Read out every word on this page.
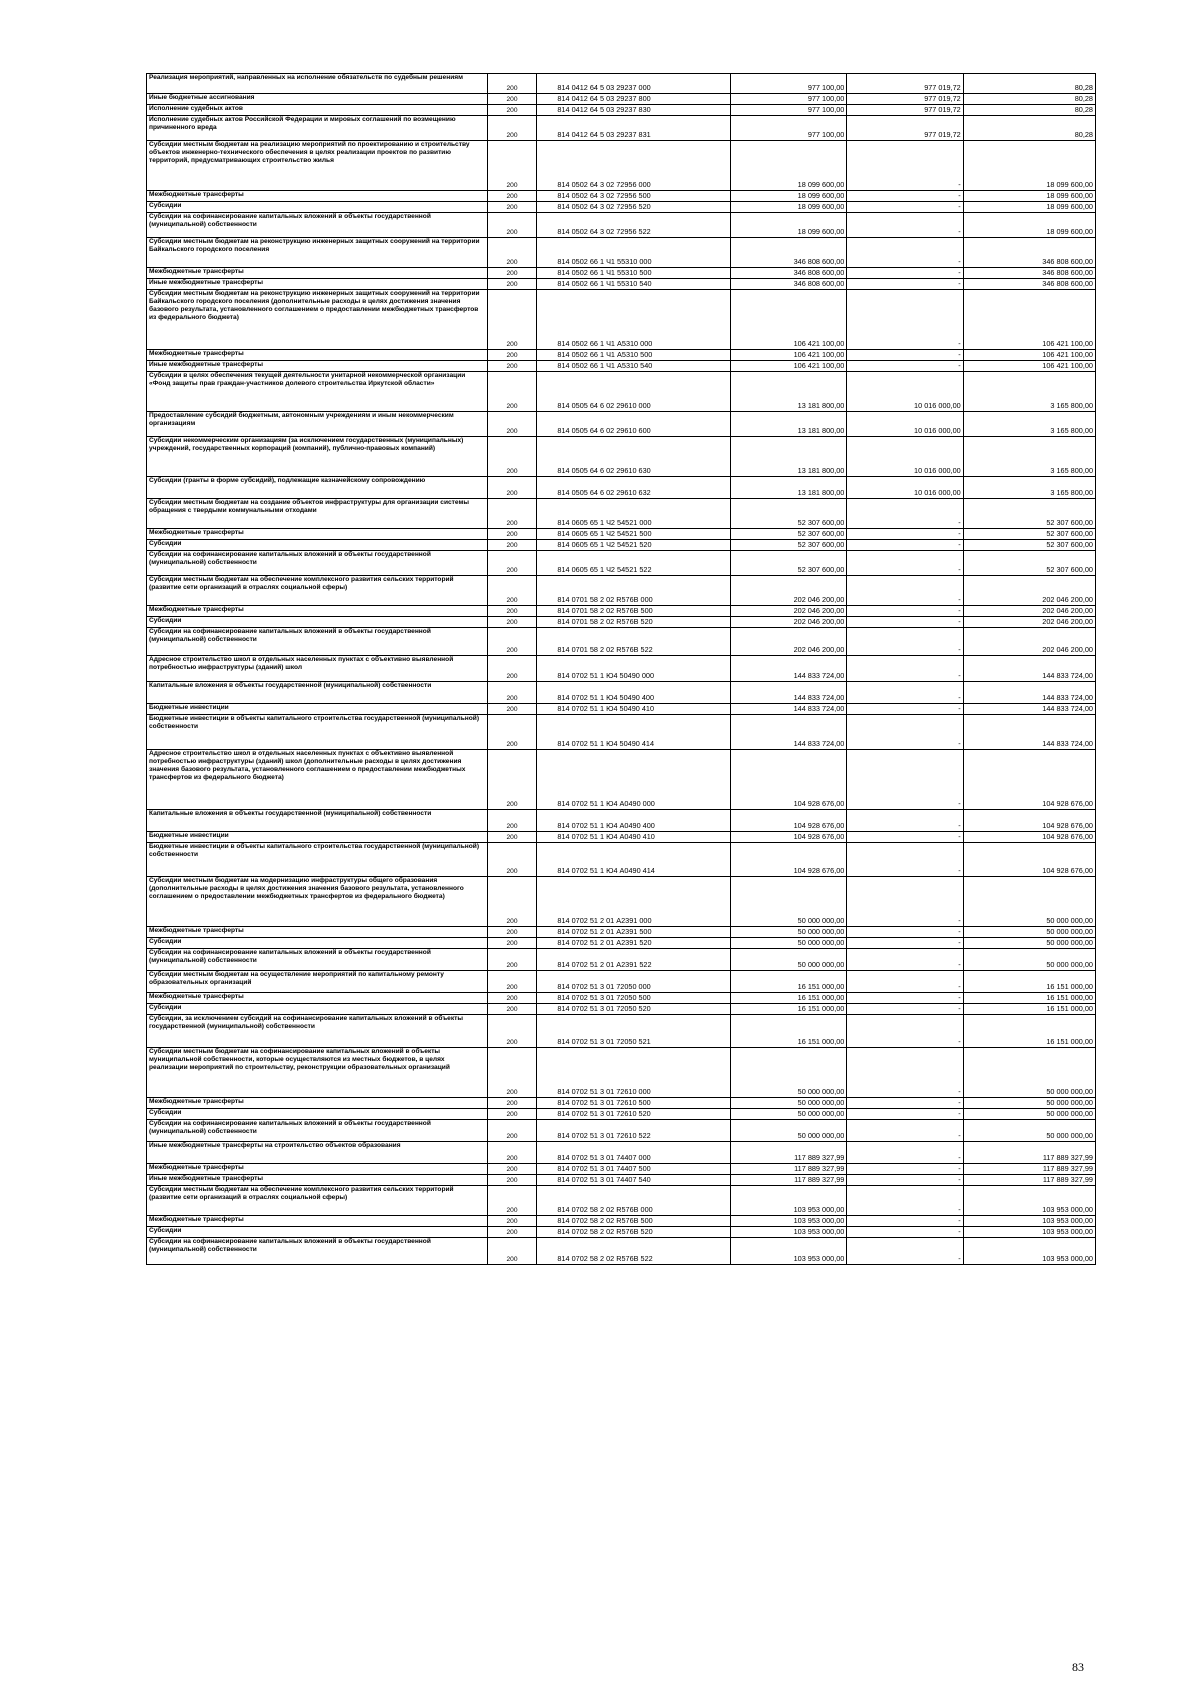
Реализация мероприятий, направленных на исполнение обязательств по судебным решениям	200	814 0412 64 5 03 29237 000	977 100,00	977 019,72	80,28
Иные бюджетные ассигнования	200	814 0412 64 5 03 29237 800	977 100,00	977 019,72	80,28
Исполнение судебных актов	200	814 0412 64 5 03 29237 830	977 100,00	977 019,72	80,28
Исполнение судебных актов Российской Федерации и мировых соглашений по возмещению причиненного вреда	200	814 0412 64 5 03 29237 831	977 100,00	977 019,72	80,28
Субсидии местным бюджетам на реализацию мероприятий по проектированию и строительству объектов инженерно-технического обеспечения в целях реализации проектов по развитию территорий, предусматривающих строительство жилья	200	814 0502 64 3 02 72956 000	18 099 600,00	-	18 099 600,00
Межбюджетные трансферты	200	814 0502 64 3 02 72956 500	18 099 600,00	-	18 099 600,00
Субсидии	200	814 0502 64 3 02 72956 520	18 099 600,00	-	18 099 600,00
Субсидии на софинансирование капитальных вложений в объекты государственной (муниципальной) собственности	200	814 0502 64 3 02 72956 522	18 099 600,00	-	18 099 600,00
Субсидии местным бюджетам на реконструкцию инженерных защитных сооружений на территории Байкальского городского поселения	200	814 0502 66 1 Ч1 55310 000	346 808 600,00	-	346 808 600,00
Межбюджетные трансферты	200	814 0502 66 1 Ч1 55310 500	346 808 600,00	-	346 808 600,00
Иные межбюджетные трансферты	200	814 0502 66 1 Ч1 55310 540	346 808 600,00	-	346 808 600,00
Субсидии местным бюджетам на реконструкцию инженерных защитных сооружений на территории Байкальского городского поселения (дополнительные расходы в целях достижения значения базового результата, установленного соглашением о предоставлении межбюджетных трансфертов из федерального бюджета)	200	814 0502 66 1 Ч1 А5310 000	106 421 100,00	-	106 421 100,00
Межбюджетные трансферты	200	814 0502 66 1 Ч1 А5310 500	106 421 100,00	-	106 421 100,00
Иные межбюджетные трансферты	200	814 0502 66 1 Ч1 А5310 540	106 421 100,00	-	106 421 100,00
Субсидии в целях обеспечения текущей деятельности унитарной некоммерческой организации «Фонд защиты прав граждан-участников долевого строительства Иркутской области»	200	814 0505 64 6 02 29610 000	13 181 800,00	10 016 000,00	3 165 800,00
Предоставление субсидий бюджетным, автономным учреждениям и иным некоммерческим организациям	200	814 0505 64 6 02 29610 600	13 181 800,00	10 016 000,00	3 165 800,00
Субсидии некоммерческим организациям (за исключением государственных (муниципальных) учреждений, государственных корпораций (компаний), публично-правовых компаний)	200	814 0505 64 6 02 29610 630	13 181 800,00	10 016 000,00	3 165 800,00
Субсидии (гранты в форме субсидий), подлежащие казначейскому сопровождению	200	814 0505 64 6 02 29610 632	13 181 800,00	10 016 000,00	3 165 800,00
Субсидии местным бюджетам на создание объектов инфраструктуры для организации системы обращения с твердыми коммунальными отходами	200	814 0605 65 1 Ч2 54521 000	52 307 600,00	-	52 307 600,00
Межбюджетные трансферты	200	814 0605 65 1 Ч2 54521 500	52 307 600,00	-	52 307 600,00
Субсидии	200	814 0605 65 1 Ч2 54521 520	52 307 600,00	-	52 307 600,00
Субсидии на софинансирование капитальных вложений в объекты государственной (муниципальной) собственности	200	814 0605 65 1 Ч2 54521 522	52 307 600,00	-	52 307 600,00
Субсидии местным бюджетам на обеспечение комплексного развития сельских территорий (развитие сети организаций в отраслях социальной сферы)	200	814 0701 58 2 02 R576B 000	202 046 200,00	-	202 046 200,00
Межбюджетные трансферты	200	814 0701 58 2 02 R576B 500	202 046 200,00	-	202 046 200,00
Субсидии	200	814 0701 58 2 02 R576B 520	202 046 200,00	-	202 046 200,00
Субсидии на софинансирование капитальных вложений в объекты государственной (муниципальной) собственности	200	814 0701 58 2 02 R576B 522	202 046 200,00	-	202 046 200,00
Адресное строительство школ в отдельных населенных пунктах с объективно выявленной потребностью инфраструктуры (зданий) школ	200	814 0702 51 1 Ю4 50490 000	144 833 724,00	-	144 833 724,00
Капитальные вложения в объекты государственной (муниципальной) собственности	200	814 0702 51 1 Ю4 50490 400	144 833 724,00	-	144 833 724,00
Бюджетные инвестиции	200	814 0702 51 1 Ю4 50490 410	144 833 724,00	-	144 833 724,00
Бюджетные инвестиции в объекты капитального строительства государственной (муниципальной) собственности	200	814 0702 51 1 Ю4 50490 414	144 833 724,00	-	144 833 724,00
Адресное строительство школ в отдельных населенных пунктах с объективно выявленной потребностью инфраструктуры (зданий) школ (дополнительные расходы в целях достижения значения базового результата, установленного соглашением о предоставлении межбюджетных трансфертов из федерального бюджета)	200	814 0702 51 1 Ю4 А0490 000	104 928 676,00	-	104 928 676,00
Капитальные вложения в объекты государственной (муниципальной) собственности	200	814 0702 51 1 Ю4 А0490 400	104 928 676,00	-	104 928 676,00
Бюджетные инвестиции	200	814 0702 51 1 Ю4 А0490 410	104 928 676,00	-	104 928 676,00
Бюджетные инвестиции в объекты капитального строительства государственной (муниципальной) собственности	200	814 0702 51 1 Ю4 А0490 414	104 928 676,00	-	104 928 676,00
Субсидии местным бюджетам на модернизацию инфраструктуры общего образования (дополнительные расходы в целях достижения значения базового результата, установленного соглашением о предоставлении межбюджетных трансфертов из федерального бюджета)	200	814 0702 51 2 01 А2391 000	50 000 000,00	-	50 000 000,00
Межбюджетные трансферты	200	814 0702 51 2 01 А2391 500	50 000 000,00	-	50 000 000,00
Субсидии	200	814 0702 51 2 01 А2391 520	50 000 000,00	-	50 000 000,00
Субсидии на софинансирование капитальных вложений в объекты государственной (муниципальной) собственности	200	814 0702 51 2 01 А2391 522	50 000 000,00	-	50 000 000,00
Субсидии местным бюджетам на осуществление мероприятий по капитальному ремонту образовательных организаций	200	814 0702 51 3 01 72050 000	16 151 000,00	-	16 151 000,00
Межбюджетные трансферты	200	814 0702 51 3 01 72050 500	16 151 000,00	-	16 151 000,00
Субсидии	200	814 0702 51 3 01 72050 520	16 151 000,00	-	16 151 000,00
Субсидии, за исключением субсидий на софинансирование капитальных вложений в объекты государственной (муниципальной) собственности	200	814 0702 51 3 01 72050 521	16 151 000,00	-	16 151 000,00
Субсидии местным бюджетам на софинансирование капитальных вложений в объекты муниципальной собственности, которые осуществляются из местных бюджетов, в целях реализации мероприятий по строительству, реконструкции образовательных организаций	200	814 0702 51 3 01 72610 000	50 000 000,00	-	50 000 000,00
Межбюджетные трансферты	200	814 0702 51 3 01 72610 500	50 000 000,00	-	50 000 000,00
Субсидии	200	814 0702 51 3 01 72610 520	50 000 000,00	-	50 000 000,00
Субсидии на софинансирование капитальных вложений в объекты государственной (муниципальной) собственности	200	814 0702 51 3 01 72610 522	50 000 000,00	-	50 000 000,00
Иные межбюджетные трансферты на строительство объектов образования	200	814 0702 51 3 01 74407 000	117 889 327,99	-	117 889 327,99
Межбюджетные трансферты	200	814 0702 51 3 01 74407 500	117 889 327,99	-	117 889 327,99
Иные межбюджетные трансферты	200	814 0702 51 3 01 74407 540	117 889 327,99	-	117 889 327,99
Субсидии местным бюджетам на обеспечение комплексного развития сельских территорий (развитие сети организаций в отраслях социальной сферы)	200	814 0702 58 2 02 R576B 000	103 953 000,00	-	103 953 000,00
Межбюджетные трансферты	200	814 0702 58 2 02 R576B 500	103 953 000,00	-	103 953 000,00
Субсидии	200	814 0702 58 2 02 R576B 520	103 953 000,00	-	103 953 000,00
Субсидии на софинансирование капитальных вложений в объекты государственной (муниципальной) собственности	200	814 0702 58 2 02 R576B 522	103 953 000,00	-	103 953 000,00
83
